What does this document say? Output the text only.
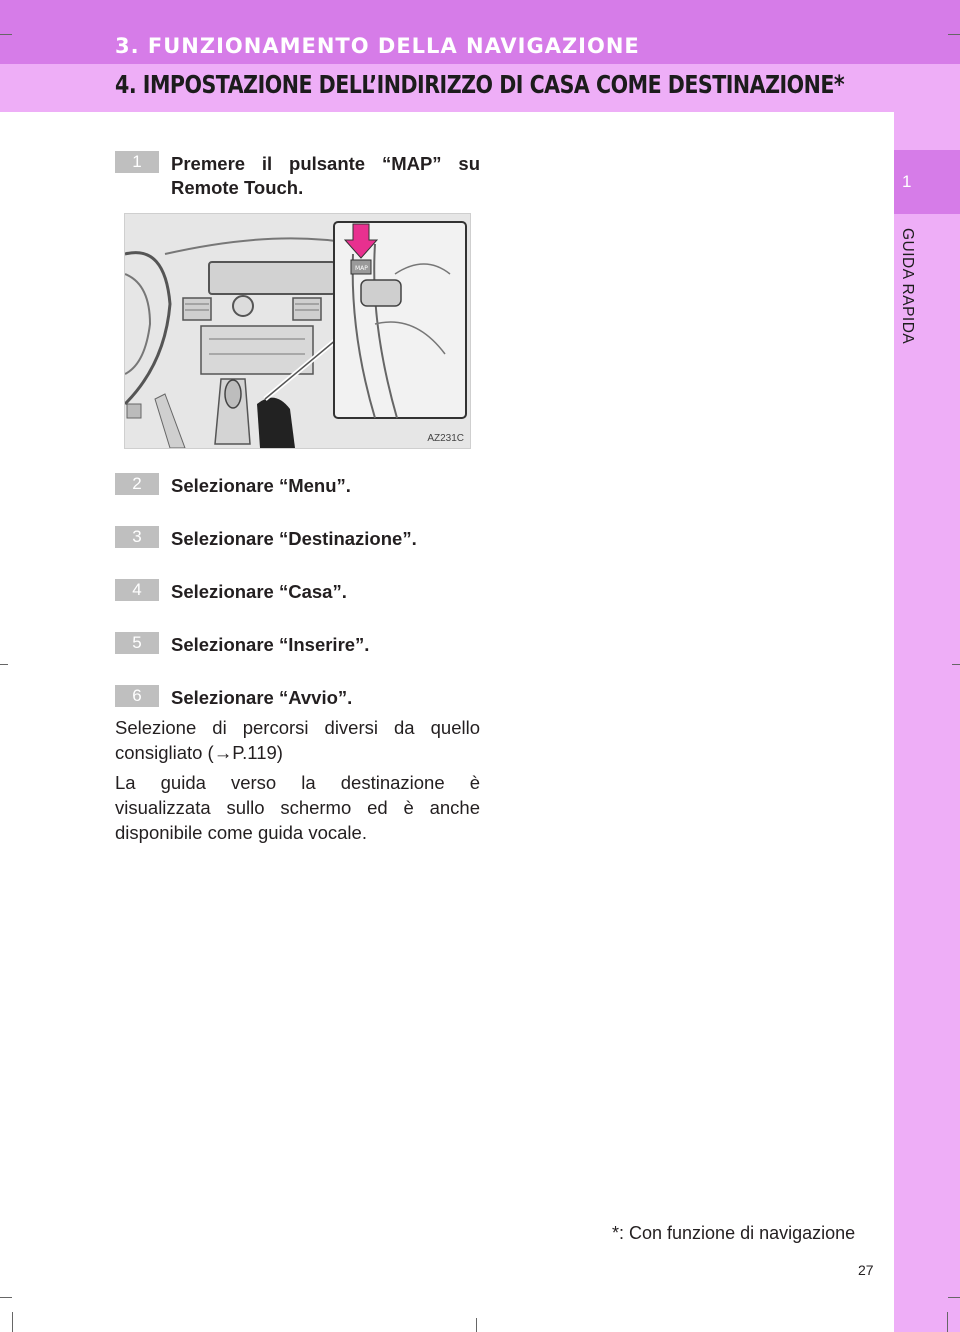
3. FUNZIONAMENTO DELLA NAVIGAZIONE
4. IMPOSTAZIONE DELL’INDIRIZZO DI CASA COME DESTINAZIONE*
1
GUIDA RAPIDA
1	Premere il pulsante “MAP” su Remote Touch.
MAP
AZ231C
2	Selezionare “Menu”.
3	Selezionare “Destinazione”.
4	Selezionare “Casa”.
5	Selezionare “Inserire”.
6	Selezionare “Avvio”.
Selezione di percorsi diversi da quello consigliato (→P.119)
La guida verso la destinazione è visualizzata sullo schermo ed è anche disponibile come guida vocale.
*: Con funzione di navigazione
27
